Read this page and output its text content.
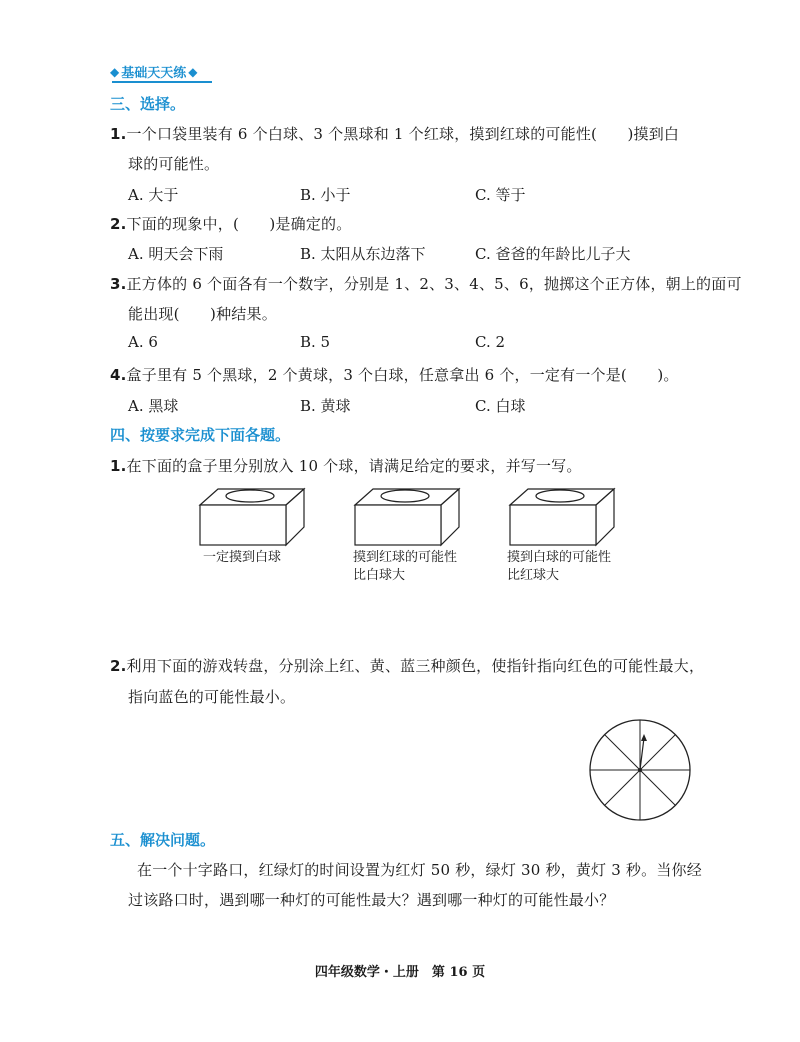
◆ 基础天天练 ◆
三、选择。
1.一个口袋里装有 6 个白球、3 个黑球和 1 个红球，摸到红球的可能性(　　)摸到白
球的可能性。
A. 大于	B. 小于	C. 等于
2.下面的现象中，(　　)是确定的。
A. 明天会下雨	B. 太阳从东边落下	C. 爸爸的年龄比儿子大
3.正方体的 6 个面各有一个数字，分别是 1、2、3、4、5、6，抛掷这个正方体，朝上的面可
能出现(　　)种结果。
A. 6	B. 5	C. 2
4.盒子里有 5 个黑球，2 个黄球，3 个白球，任意拿出 6 个，一定有一个是(　　)。
A. 黑球	B. 黄球	C. 白球
四、按要求完成下面各题。
1.在下面的盒子里分别放入 10 个球，请满足给定的要求，并写一写。
一定摸到白球	摸到红球的可能性
比白球大
摸到白球的可能性
比红球大
2.利用下面的游戏转盘，分别涂上红、黄、蓝三种颜色，使指针指向红色的可能性最大，
指向蓝色的可能性最小。
五、解决问题。
在一个十字路口，红绿灯的时间设置为红灯 50 秒，绿灯 30 秒，黄灯 3 秒。当你经
过该路口时，遇到哪一种灯的可能性最大？遇到哪一种灯的可能性最小？
四年级数学・上册　第 16 页
